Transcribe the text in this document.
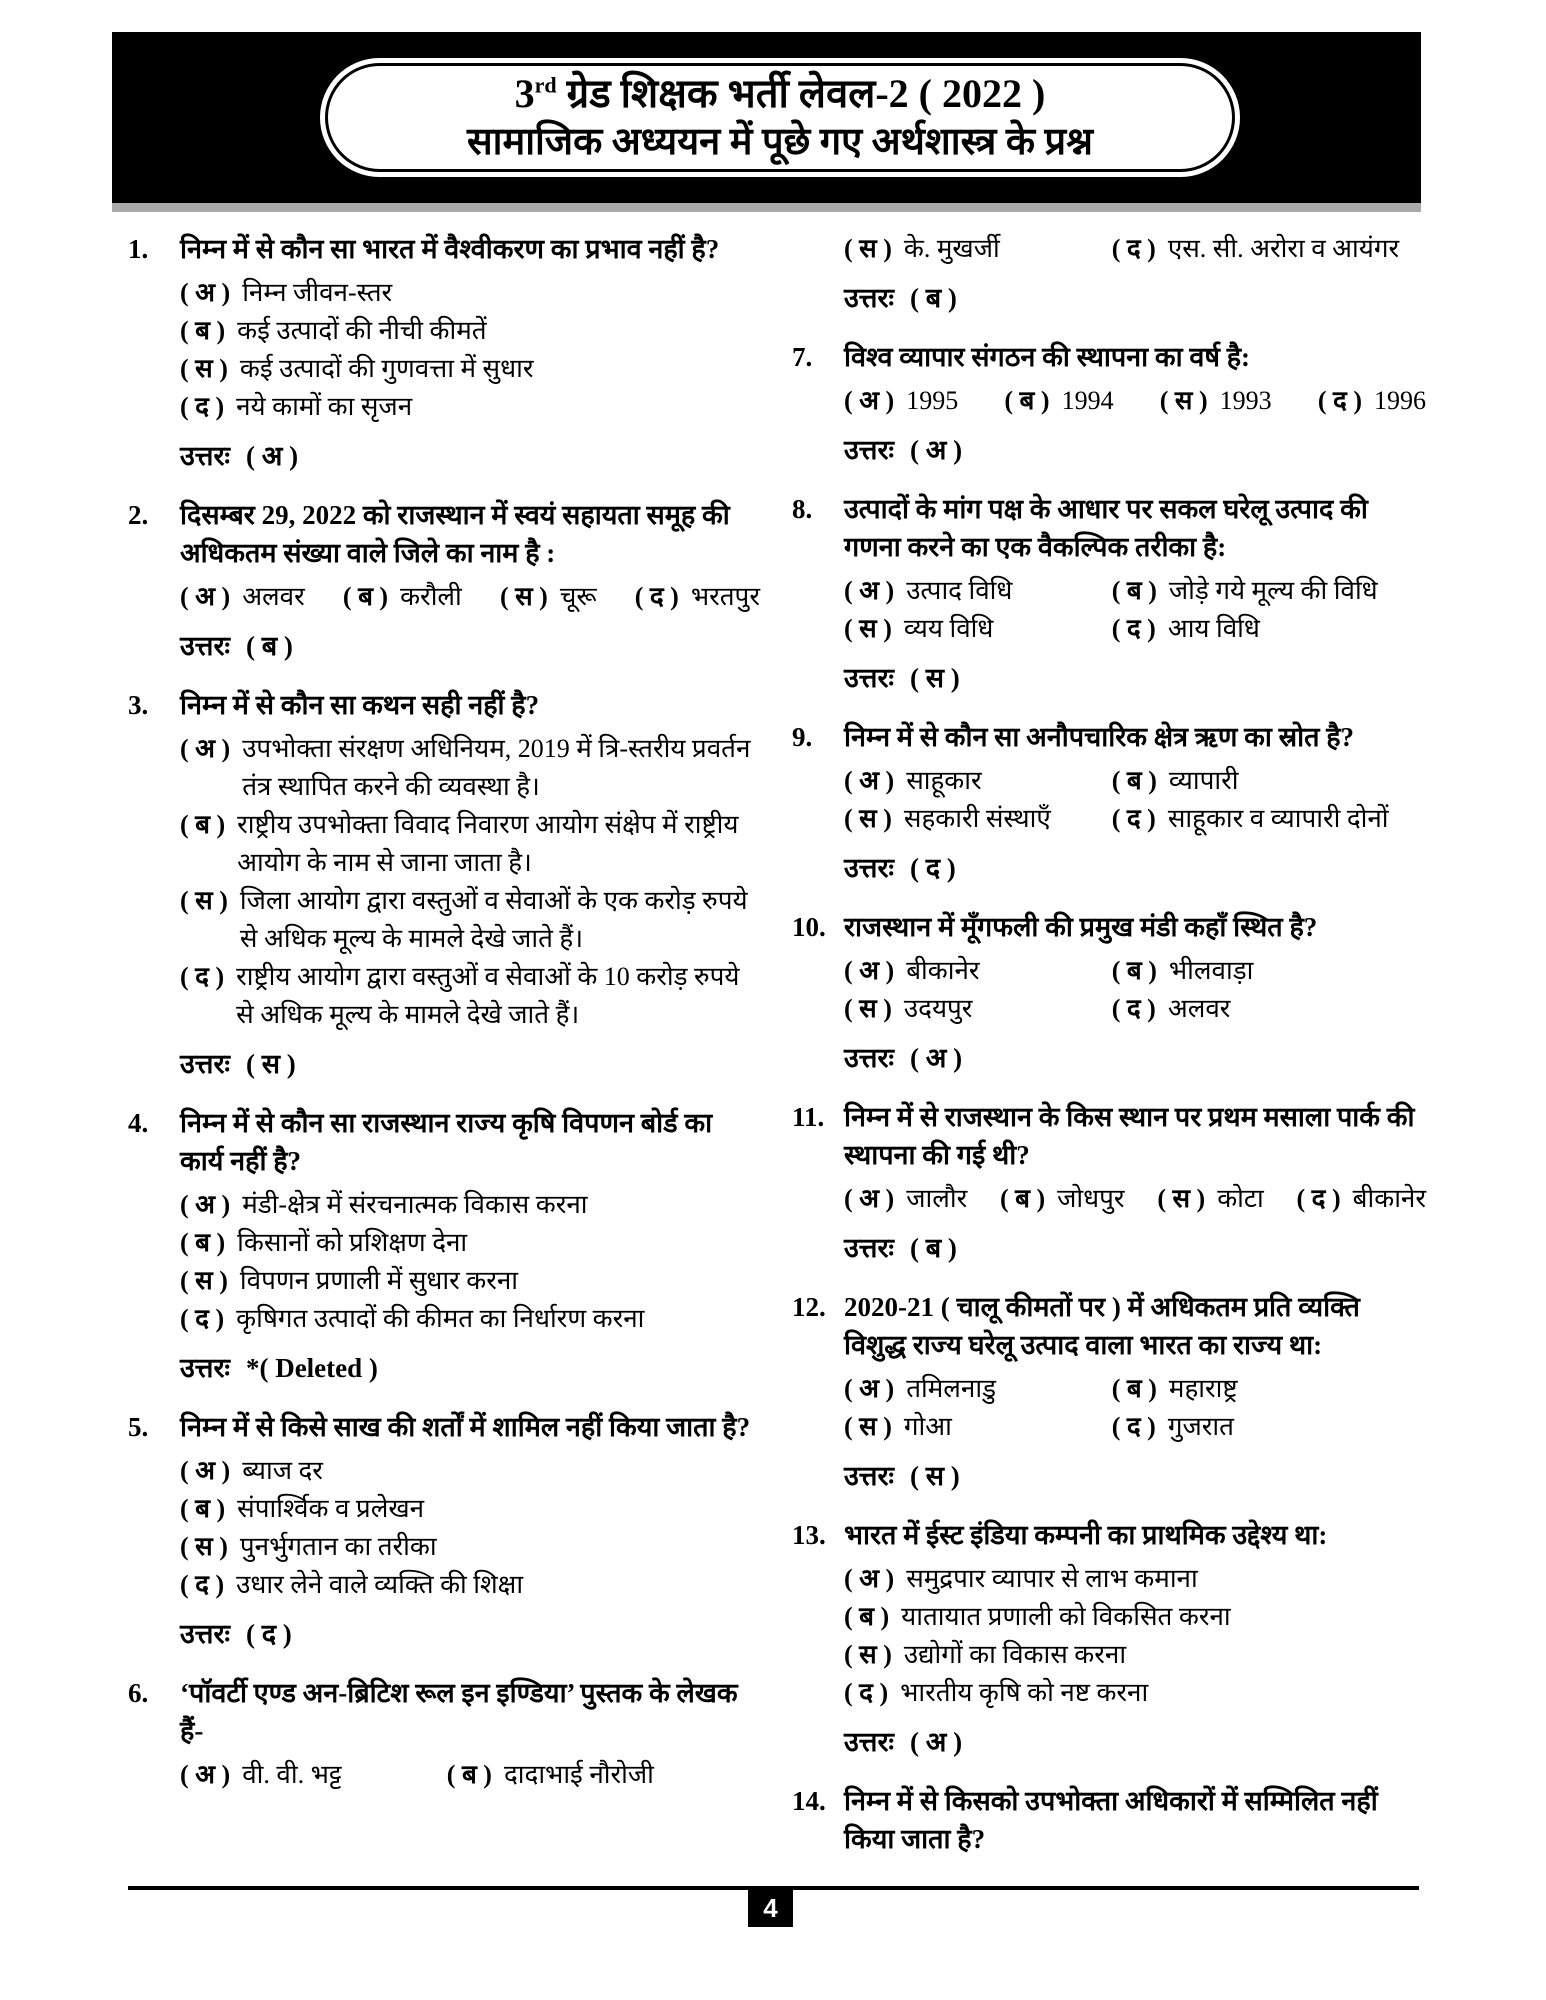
3rd ग्रेड शिक्षक भर्ती लेवल-2 ( 2022 )
सामाजिक अध्ययन में पूछे गए अर्थशास्त्र के प्रश्न
1.	निम्न में से कौन सा भारत में वैश्वीकरण का प्रभाव नहीं है?
( अ ) निम्न जीवन-स्तर
( ब ) कई उत्पादों की नीची कीमतें
( स ) कई उत्पादों की गुणवत्ता में सुधार
( द ) नये कामों का सृजन
उत्तरः ( अ )
2.	दिसम्बर 29, 2022 को राजस्थान में स्वयं सहायता समूह की अधिकतम संख्या वाले जिले का नाम है :
( अ ) अलवर ( ब ) करौली ( स ) चूरू ( द ) भरतपुर
उत्तरः ( ब )
3.	निम्न में से कौन सा कथन सही नहीं है?
( अ ) उपभोक्ता संरक्षण अधिनियम, 2019 में त्रि-स्तरीय प्रवर्तन तंत्र स्थापित करने की व्यवस्था है।
( ब ) राष्ट्रीय उपभोक्ता विवाद निवारण आयोग संक्षेप में राष्ट्रीय आयोग के नाम से जाना जाता है।
( स ) जिला आयोग द्वारा वस्तुओं व सेवाओं के एक करोड़ रुपये से अधिक मूल्य के मामले देखे जाते हैं।
( द ) राष्ट्रीय आयोग द्वारा वस्तुओं व सेवाओं के 10 करोड़ रुपये से अधिक मूल्य के मामले देखे जाते हैं।
उत्तरः ( स )
4.	निम्न में से कौन सा राजस्थान राज्य कृषि विपणन बोर्ड का कार्य नहीं है?
( अ ) मंडी-क्षेत्र में संरचनात्मक विकास करना
( ब ) किसानों को प्रशिक्षण देना
( स ) विपणन प्रणाली में सुधार करना
( द ) कृषिगत उत्पादों की कीमत का निर्धारण करना
उत्तरः *( Deleted )
5.	निम्न में से किसे साख की शर्तों में शामिल नहीं किया जाता है?
( अ ) ब्याज दर
( ब ) संपार्श्विक व प्रलेखन
( स ) पुनर्भुगतान का तरीका
( द ) उधार लेने वाले व्यक्ति की शिक्षा
उत्तरः ( द )
6.	‘पॉवर्टी एण्ड अन-ब्रिटिश रूल इन इण्डिया’ पुस्तक के लेखक हैं-
( अ ) वी. वी. भट्ट	( ब ) दादाभाई नौरोजी
( स ) के. मुखर्जी	( द ) एस. सी. अरोरा व आयंगर
उत्तरः ( ब )
7.	विश्व व्यापार संगठन की स्थापना का वर्ष है:
( अ ) 1995 ( ब ) 1994 ( स ) 1993 ( द ) 1996
उत्तरः ( अ )
8.	उत्पादों के मांग पक्ष के आधार पर सकल घरेलू उत्पाद की गणना करने का एक वैकल्पिक तरीका है:
( अ ) उत्पाद विधि	( ब ) जोड़े गये मूल्य की विधि
( स ) व्यय विधि	( द ) आय विधि
उत्तरः ( स )
9.	निम्न में से कौन सा अनौपचारिक क्षेत्र ऋण का स्रोत है?
( अ ) साहूकार	( ब ) व्यापारी
( स ) सहकारी संस्थाएँ ( द ) साहूकार व व्यापारी दोनों
उत्तरः ( द )
10. राजस्थान में मूँगफली की प्रमुख मंडी कहाँ स्थित है?
( अ ) बीकानेर	( ब ) भीलवाड़ा
( स ) उदयपुर	( द ) अलवर
उत्तरः ( अ )
11. निम्न में से राजस्थान के किस स्थान पर प्रथम मसाला पार्क की स्थापना की गई थी?
( अ ) जालौर ( ब ) जोधपुर ( स ) कोटा ( द ) बीकानेर
उत्तरः ( ब )
12. 2020-21 ( चालू कीमतों पर ) में अधिकतम प्रति व्यक्ति विशुद्ध राज्य घरेलू उत्पाद वाला भारत का राज्य था:
( अ ) तमिलनाडु	( ब ) महाराष्ट्र
( स ) गोआ	( द ) गुजरात
उत्तरः ( स )
13. भारत में ईस्ट इंडिया कम्पनी का प्राथमिक उद्देश्य था:
( अ ) समुद्रपार व्यापार से लाभ कमाना
( ब ) यातायात प्रणाली को विकसित करना
( स ) उद्योगों का विकास करना
( द ) भारतीय कृषि को नष्ट करना
उत्तरः ( अ )
14. निम्न में से किसको उपभोक्ता अधिकारों में सम्मिलित नहीं किया जाता है?
4
